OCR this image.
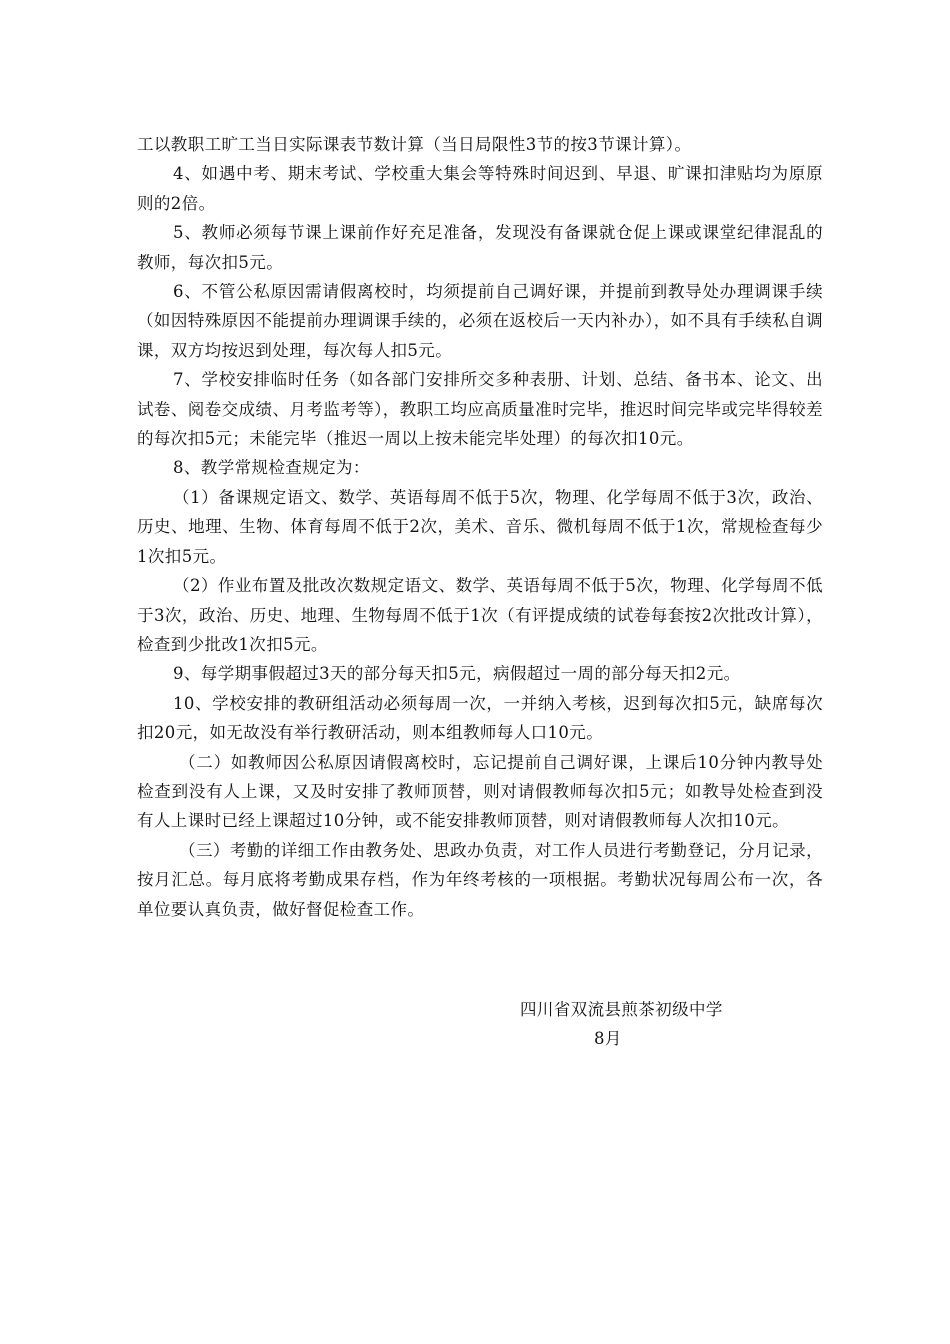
工以教职工旷工当日实际课表节数计算（当日局限性3节的按3节课计算）。

4、如遇中考、期末考试、学校重大集会等特殊时间迟到、早退、旷课扣津贴均为原原则的2倍。

5、教师必须每节课上课前作好充足准备，发现没有备课就仓促上课或课堂纪律混乱的教师，每次扣5元。

6、不管公私原因需请假离校时，均须提前自己调好课，并提前到教导处办理调课手续（如因特殊原因不能提前办理调课手续的，必须在返校后一天内补办），如不具有手续私自调课，双方均按迟到处理，每次每人扣5元。

7、学校安排临时任务（如各部门安排所交多种表册、计划、总结、备书本、论文、出试卷、阅卷交成绩、月考监考等），教职工均应高质量准时完毕，推迟时间完毕或完毕得较差的每次扣5元；未能完毕（推迟一周以上按未能完毕处理）的每次扣10元。

8、教学常规检查规定为：

（1）备课规定语文、数学、英语每周不低于5次，物理、化学每周不低于3次，政治、历史、地理、生物、体育每周不低于2次，美术、音乐、微机每周不低于1次，常规检查每少1次扣5元。

（2）作业布置及批改次数规定语文、数学、英语每周不低于5次，物理、化学每周不低于3次，政治、历史、地理、生物每周不低于1次（有评提成绩的试卷每套按2次批改计算），检查到少批改1次扣5元。

9、每学期事假超过3天的部分每天扣5元，病假超过一周的部分每天扣2元。

10、学校安排的教研组活动必须每周一次，一并纳入考核，迟到每次扣5元，缺席每次扣20元，如无故没有举行教研活动，则本组教师每人口10元。

（二）如教师因公私原因请假离校时，忘记提前自己调好课，上课后10分钟内教导处检查到没有人上课，又及时安排了教师顶替，则对请假教师每次扣5元；如教导处检查到没有人上课时已经上课超过10分钟，或不能安排教师顶替，则对请假教师每人次扣10元。

（三）考勤的详细工作由教务处、思政办负责，对工作人员进行考勤登记，分月记录，按月汇总。每月底将考勤成果存档，作为年终考核的一项根据。考勤状况每周公布一次，各单位要认真负责，做好督促检查工作。

四川省双流县煎茶初级中学

8月
